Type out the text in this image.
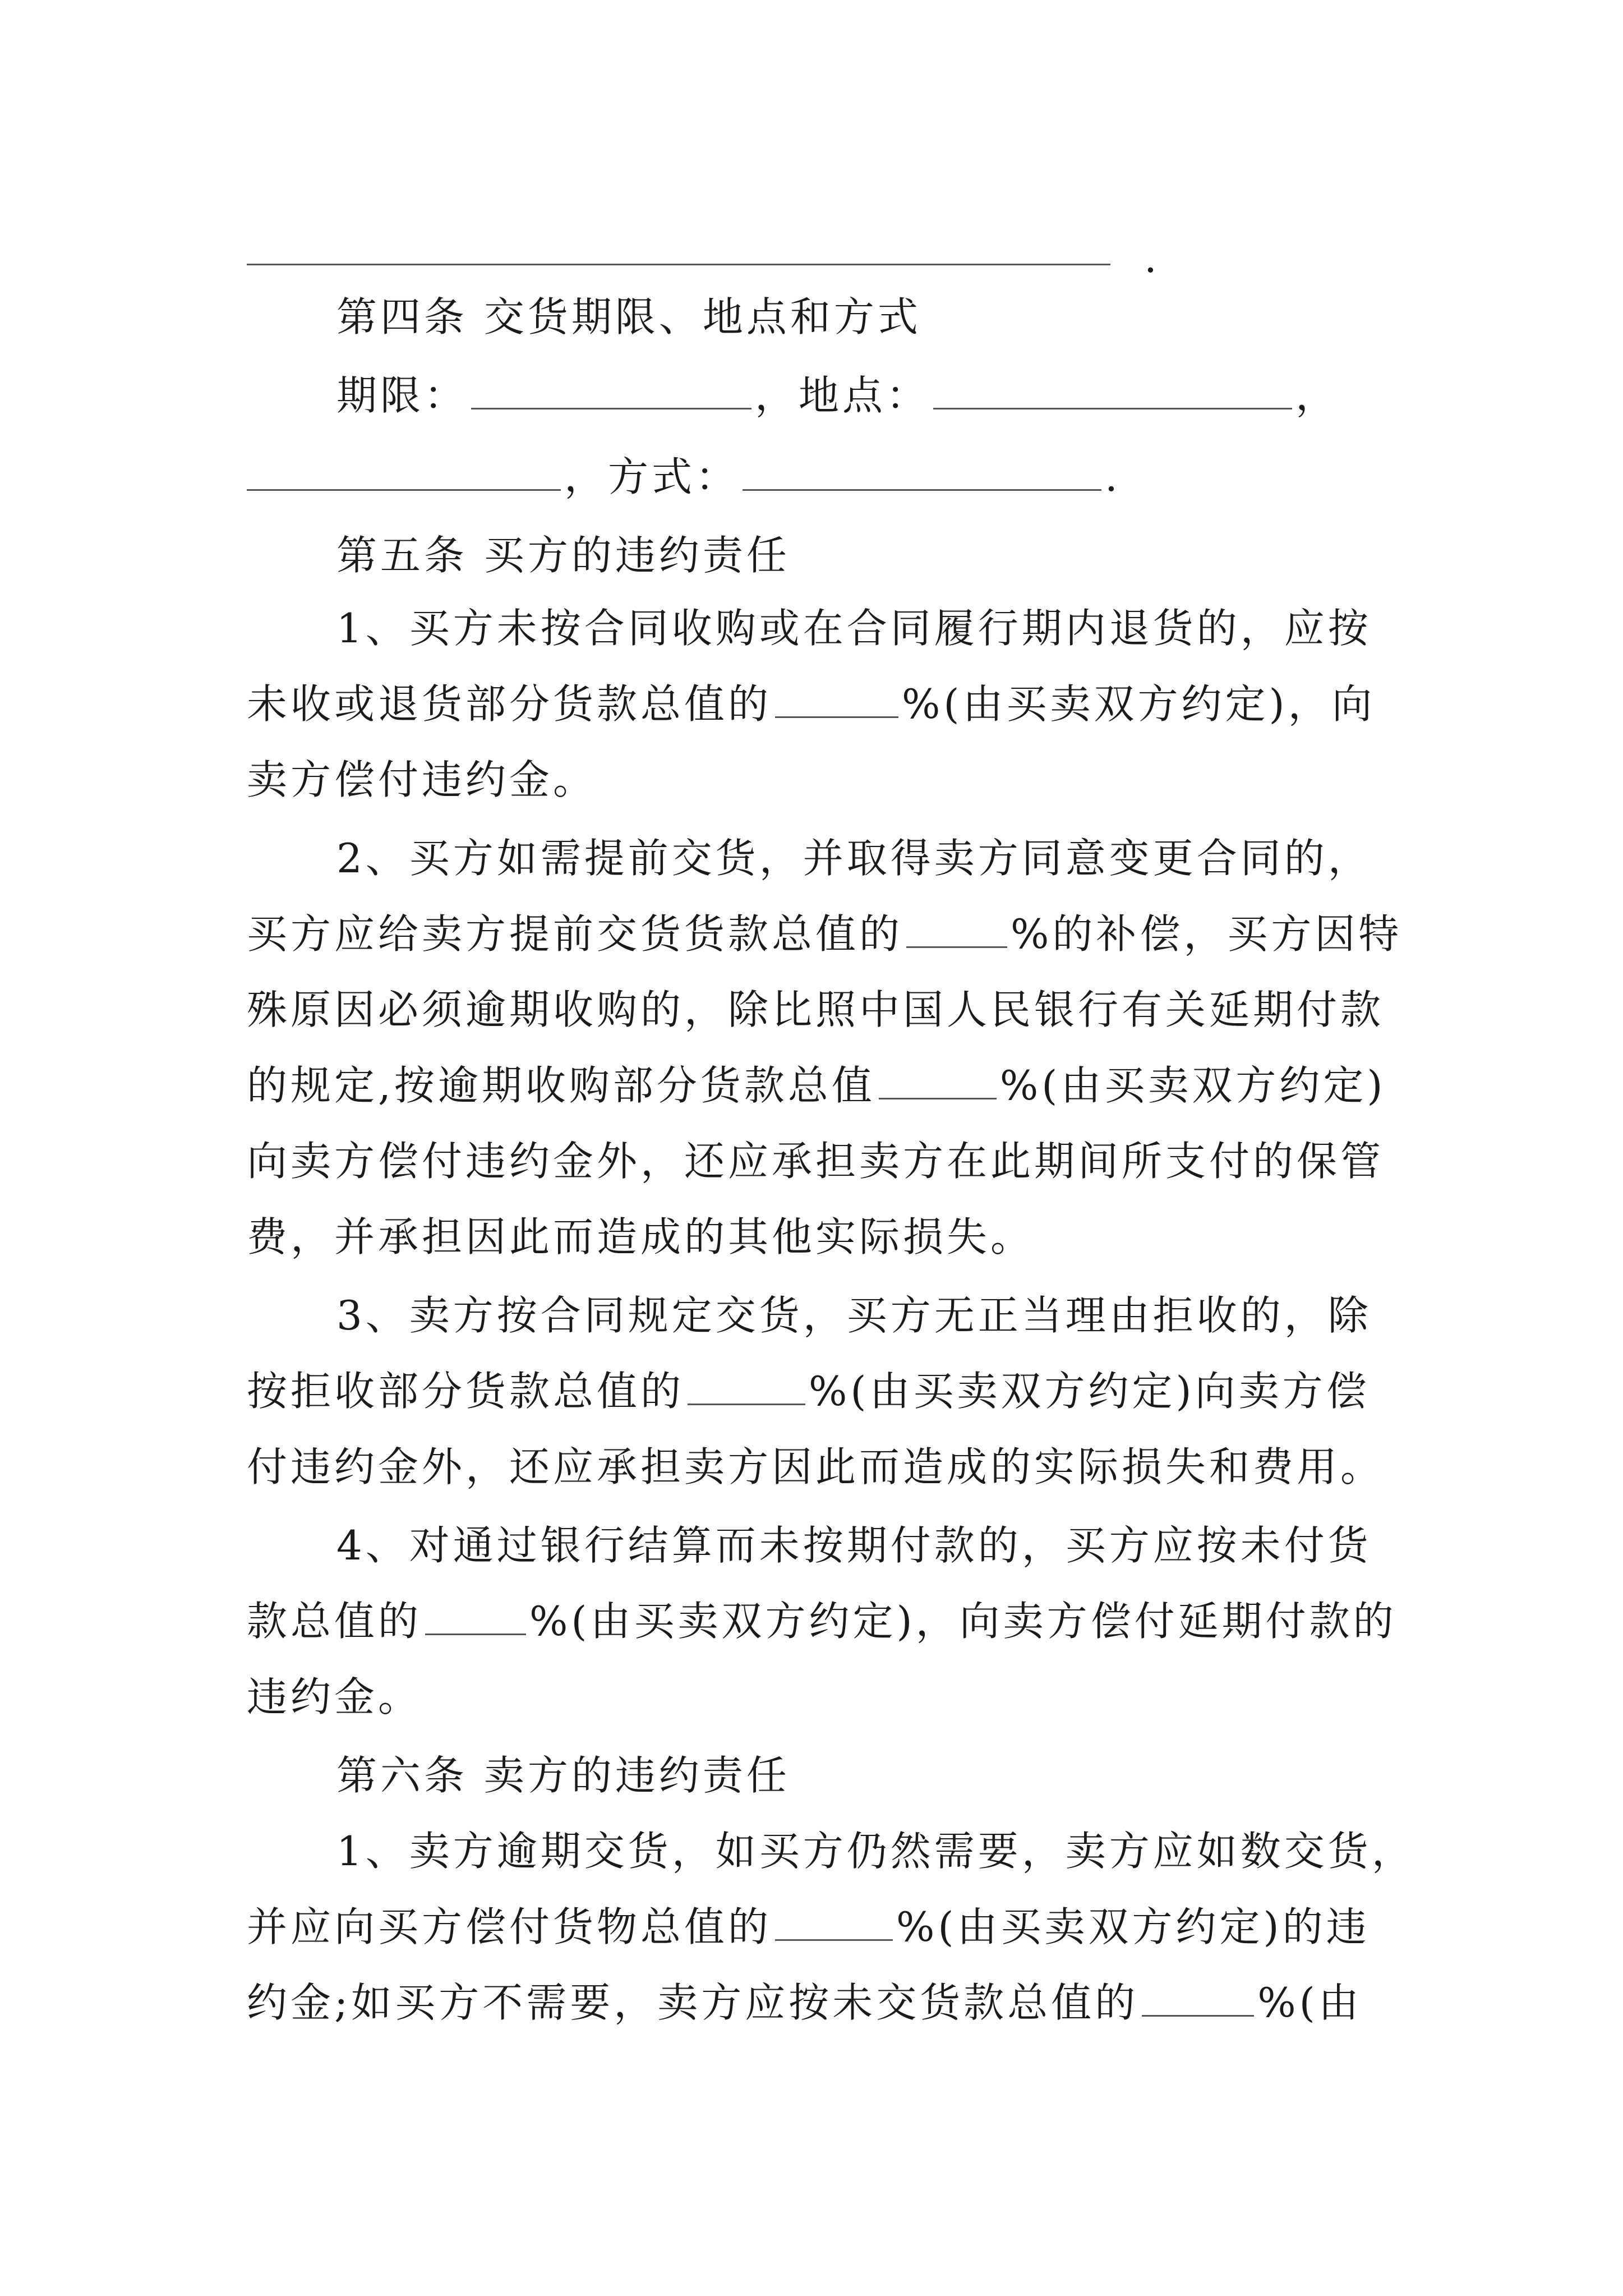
.
第四条 交货期限、地点和方式
期限：	，地点：	，
，方式：	.
第五条 买方的违约责任
1、买方未按合同收购或在合同履行期内退货的，应按
未收或退货部分货款总值的	%(由买卖双方约定)，向
卖方偿付违约金。
2、买方如需提前交货，并取得卖方同意变更合同的，
买方应给卖方提前交货货款总值的	%的补偿，买方因特
殊原因必须逾期收购的，除比照中国人民银行有关延期付款
的规定,按逾期收购部分货款总值	%(由买卖双方约定)
向卖方偿付违约金外，还应承担卖方在此期间所支付的保管
费，并承担因此而造成的其他实际损失。
3、卖方按合同规定交货，买方无正当理由拒收的，除
按拒收部分货款总值的	%(由买卖双方约定)向卖方偿
付违约金外，还应承担卖方因此而造成的实际损失和费用。
4、对通过银行结算而未按期付款的，买方应按未付货
款总值的	%(由买卖双方约定)，向卖方偿付延期付款的
违约金。
第六条 卖方的违约责任
1、卖方逾期交货，如买方仍然需要，卖方应如数交货，
并应向买方偿付货物总值的	%(由买卖双方约定)的违
约金;如买方不需要，卖方应按未交货款总值的	%(由
